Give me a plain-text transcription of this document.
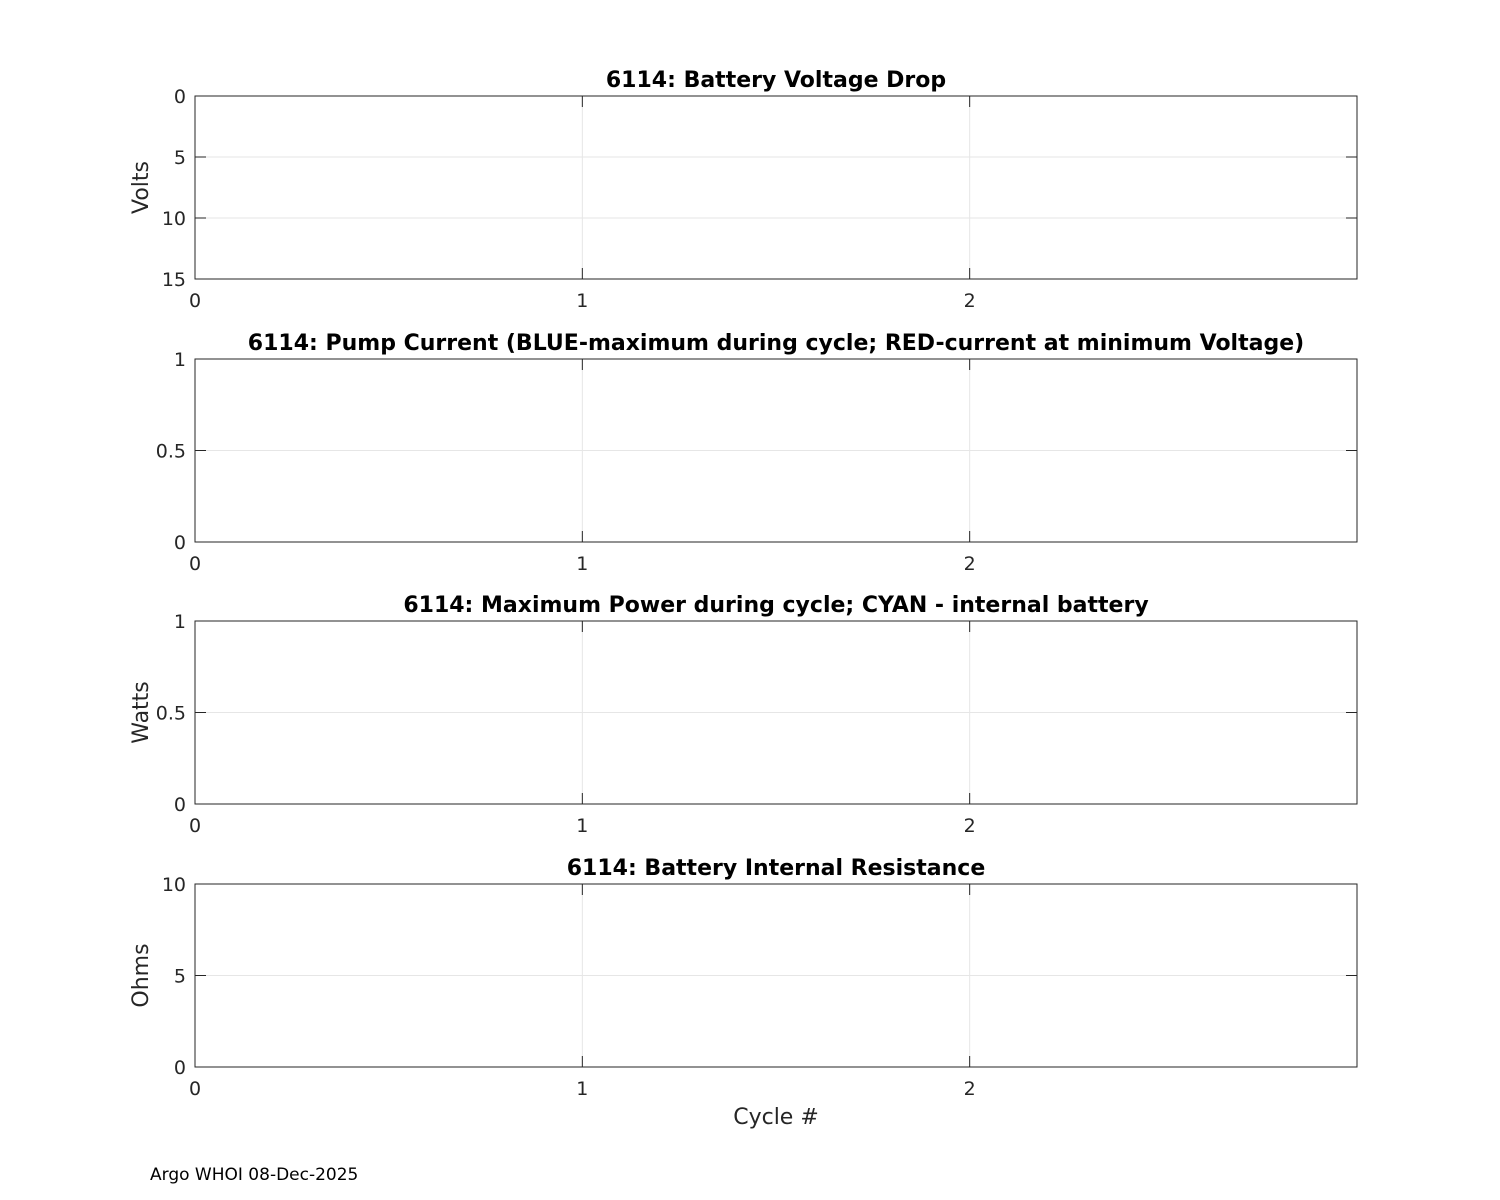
0	1	2
0
5
10
15
6114: Battery Voltage Drop
Volts
0	1	2
0
0.5
1
6114: Pump Current (BLUE-maximum during cycle; RED-current at minimum Voltage)
0	1	2
0
0.5
1
6114: Maximum Power during cycle; CYAN - internal battery
Watts
0	1	2
0
5
10
6114: Battery Internal Resistance
Ohms
Cycle #
Argo WHOI 08-Dec-2025
